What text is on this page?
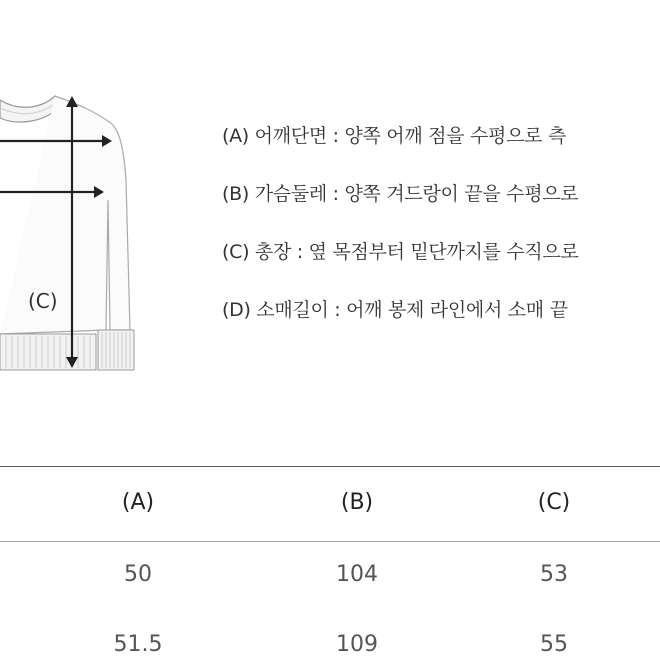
(C)
(A) 어깨단면 : 양쪽 어깨 점을 수평으로 측
(B) 가슴둘레 : 양쪽 겨드랑이 끝을 수평으로
(C) 총장 : 옆 목점부터 밑단까지를 수직으로
(D) 소매길이 : 어깨 봉제 라인에서 소매 끝
(A)	(B)	(C)
50	104	53
51.5	109	55
